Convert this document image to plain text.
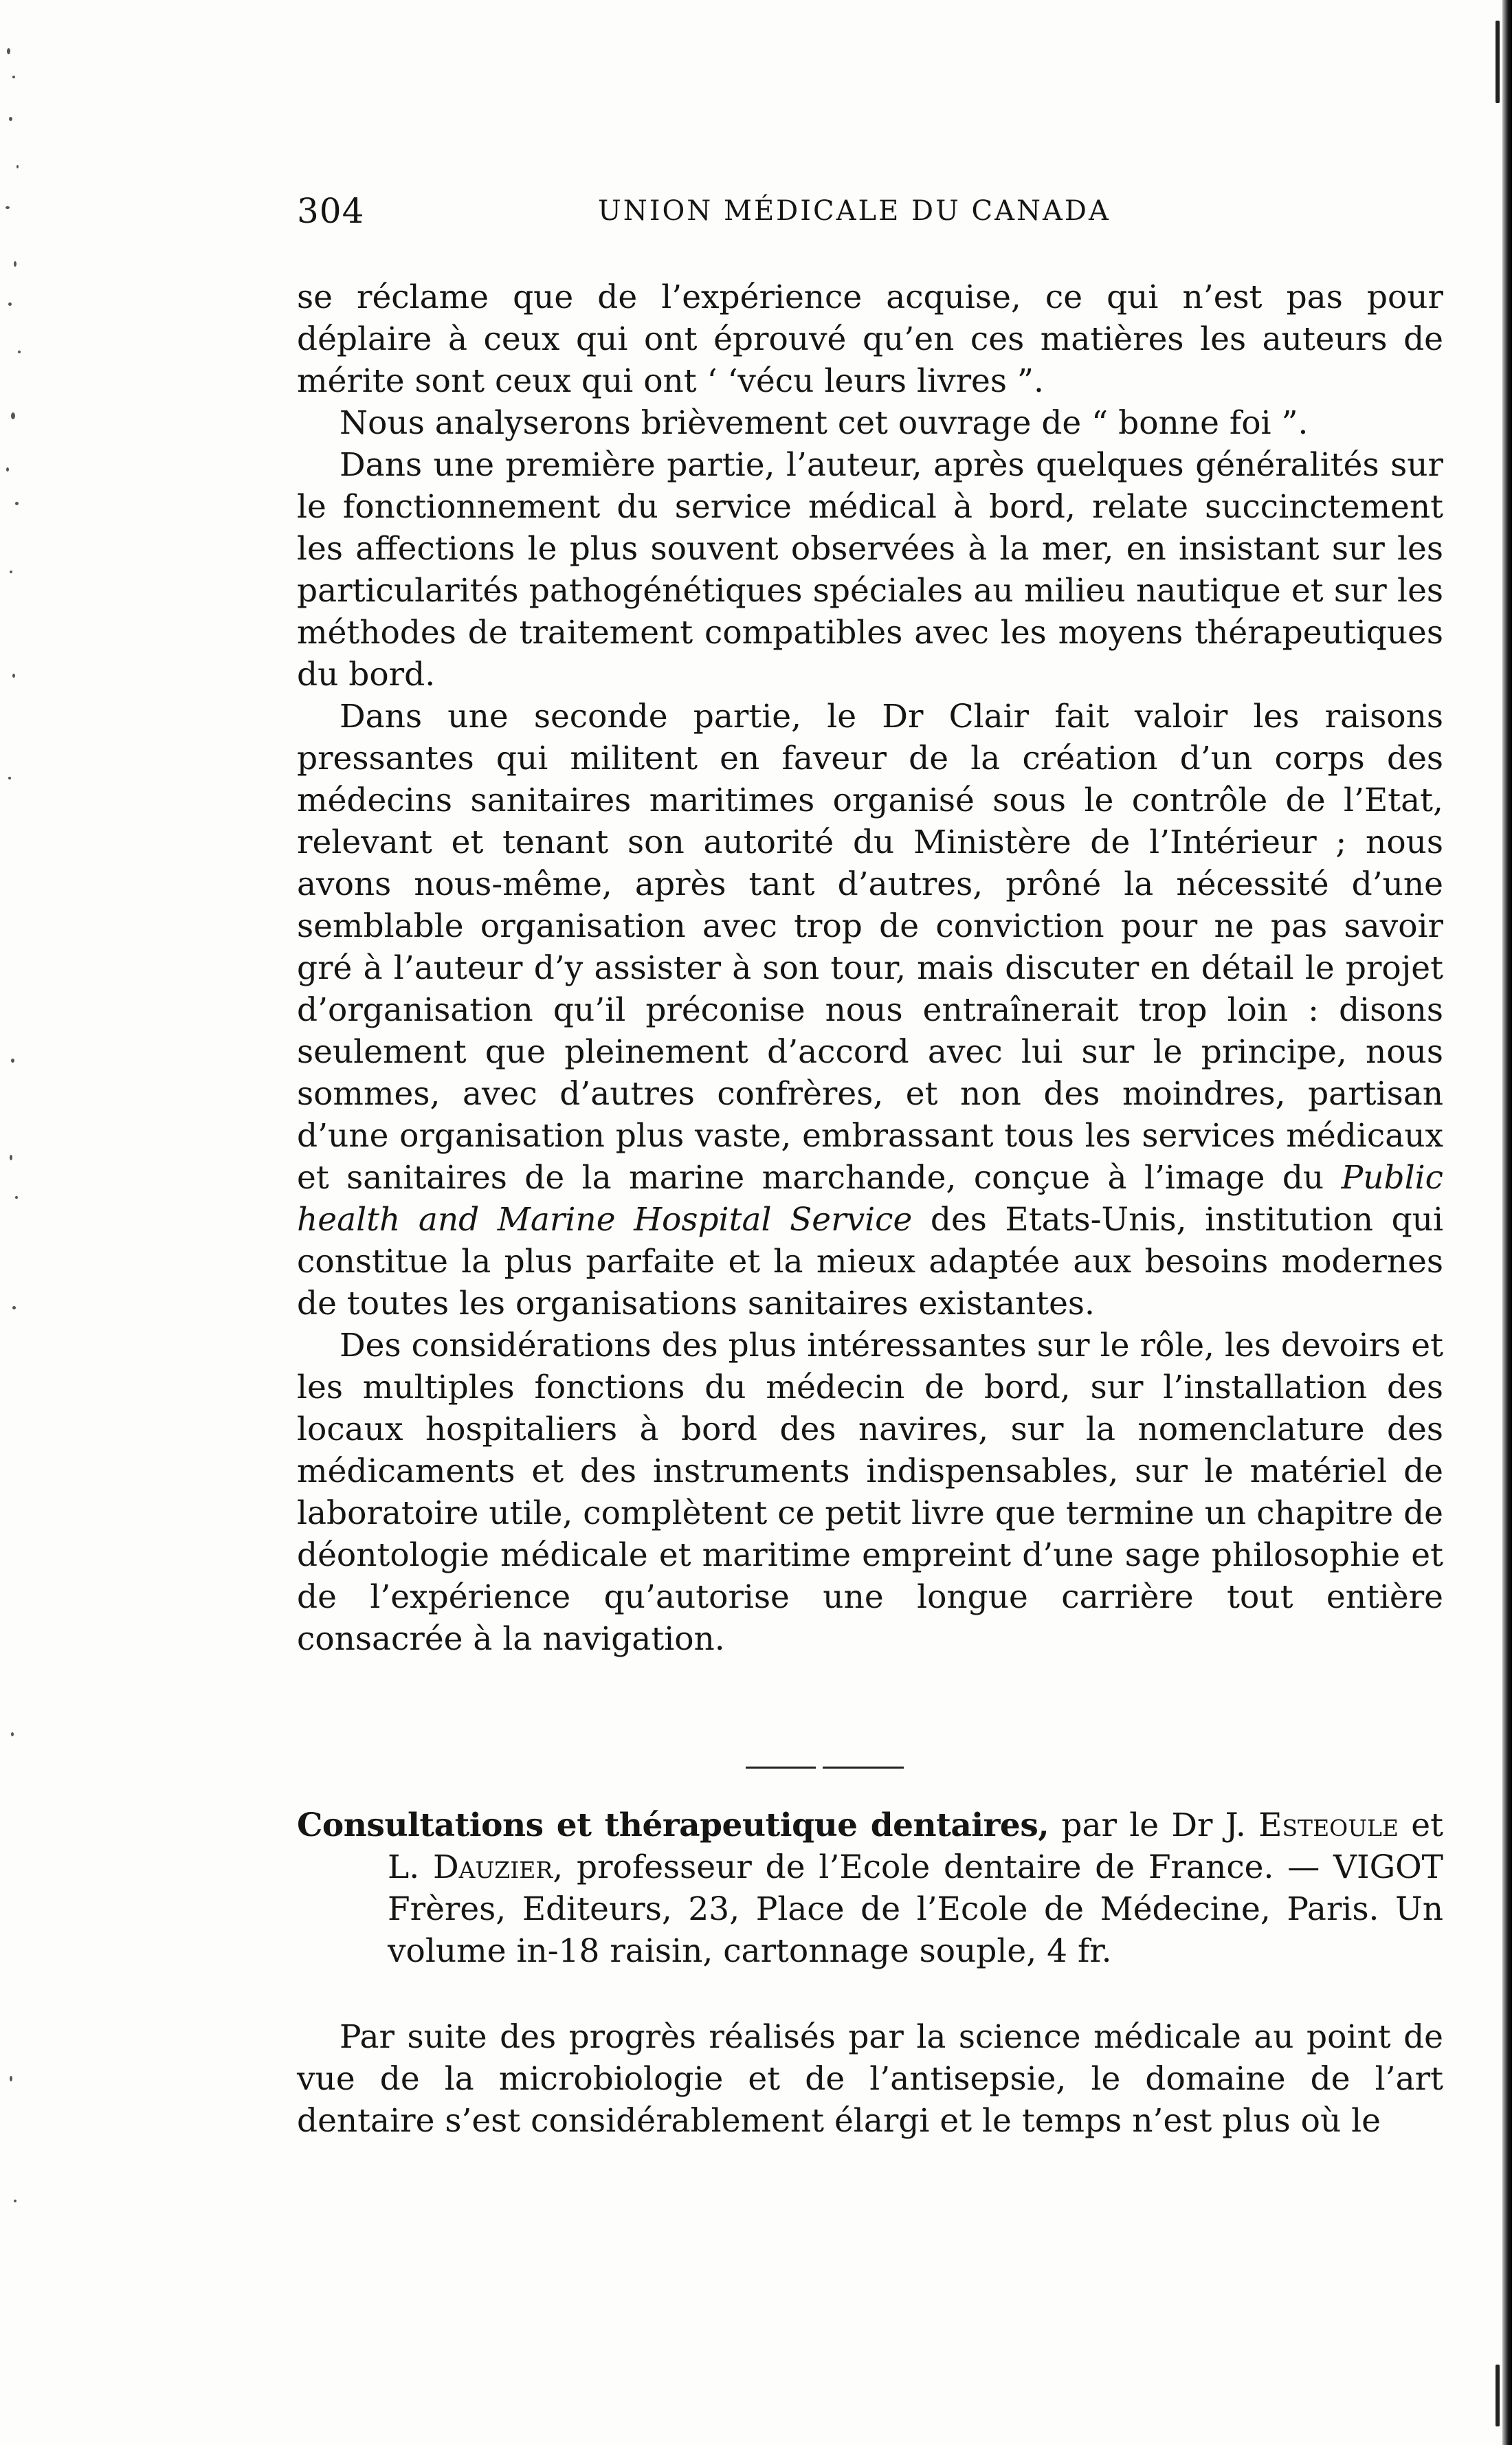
304	UNION MÉDICALE DU CANADA

se réclame que de l’expérience acquise, ce qui n’est pas pour déplaire à ceux qui ont éprouvé qu’en ces matières les auteurs de mérite sont ceux qui ont ‘ ‘vécu leurs livres ”.

Nous analyserons brièvement cet ouvrage de “ bonne foi ”.

Dans une première partie, l’auteur, après quelques généralités sur le fonctionnement du service médical à bord, relate succinctement les affections le plus souvent observées à la mer, en insistant sur les particularités pathogénétiques spéciales au milieu nautique et sur les méthodes de traitement compatibles avec les moyens thérapeutiques du bord.

Dans une seconde partie, le Dr Clair fait valoir les raisons pressantes qui militent en faveur de la création d’un corps des médecins sanitaires maritimes organisé sous le contrôle de l’Etat, relevant et tenant son autorité du Ministère de l’Intérieur ; nous avons nous-même, après tant d’autres, prôné la nécessité d’une semblable organisation avec trop de conviction pour ne pas savoir gré à l’auteur d’y assister à son tour, mais discuter en détail le projet d’organisation qu’il préconise nous entraînerait trop loin : disons seulement que pleinement d’accord avec lui sur le principe, nous sommes, avec d’autres confrères, et non des moindres, partisan d’une organisation plus vaste, embrassant tous les services médicaux et sanitaires de la marine marchande, conçue à l’image du Public health and Marine Hospital Service des Etats-Unis, institution qui constitue la plus parfaite et la mieux adaptée aux besoins modernes de toutes les organisations sanitaires existantes.

Des considérations des plus intéressantes sur le rôle, les devoirs et les multiples fonctions du médecin de bord, sur l’installation des locaux hospitaliers à bord des navires, sur la nomenclature des médicaments et des instruments indispensables, sur le matériel de laboratoire utile, complètent ce petit livre que termine un chapitre de déontologie médicale et maritime empreint d’une sage philosophie et de l’expérience qu’autorise une longue carrière tout entière consacrée à la navigation.

Consultations et thérapeutique dentaires, par le Dr J. Esteoule et L. Dauzier, professeur de l’Ecole dentaire de France. — VIGOT Frères, Editeurs, 23, Place de l’Ecole de Médecine, Paris. Un volume in-18 raisin, cartonnage souple, 4 fr.

Par suite des progrès réalisés par la science médicale au point de vue de la microbiologie et de l’antisepsie, le domaine de l’art dentaire s’est considérablement élargi et le temps n’est plus où le
